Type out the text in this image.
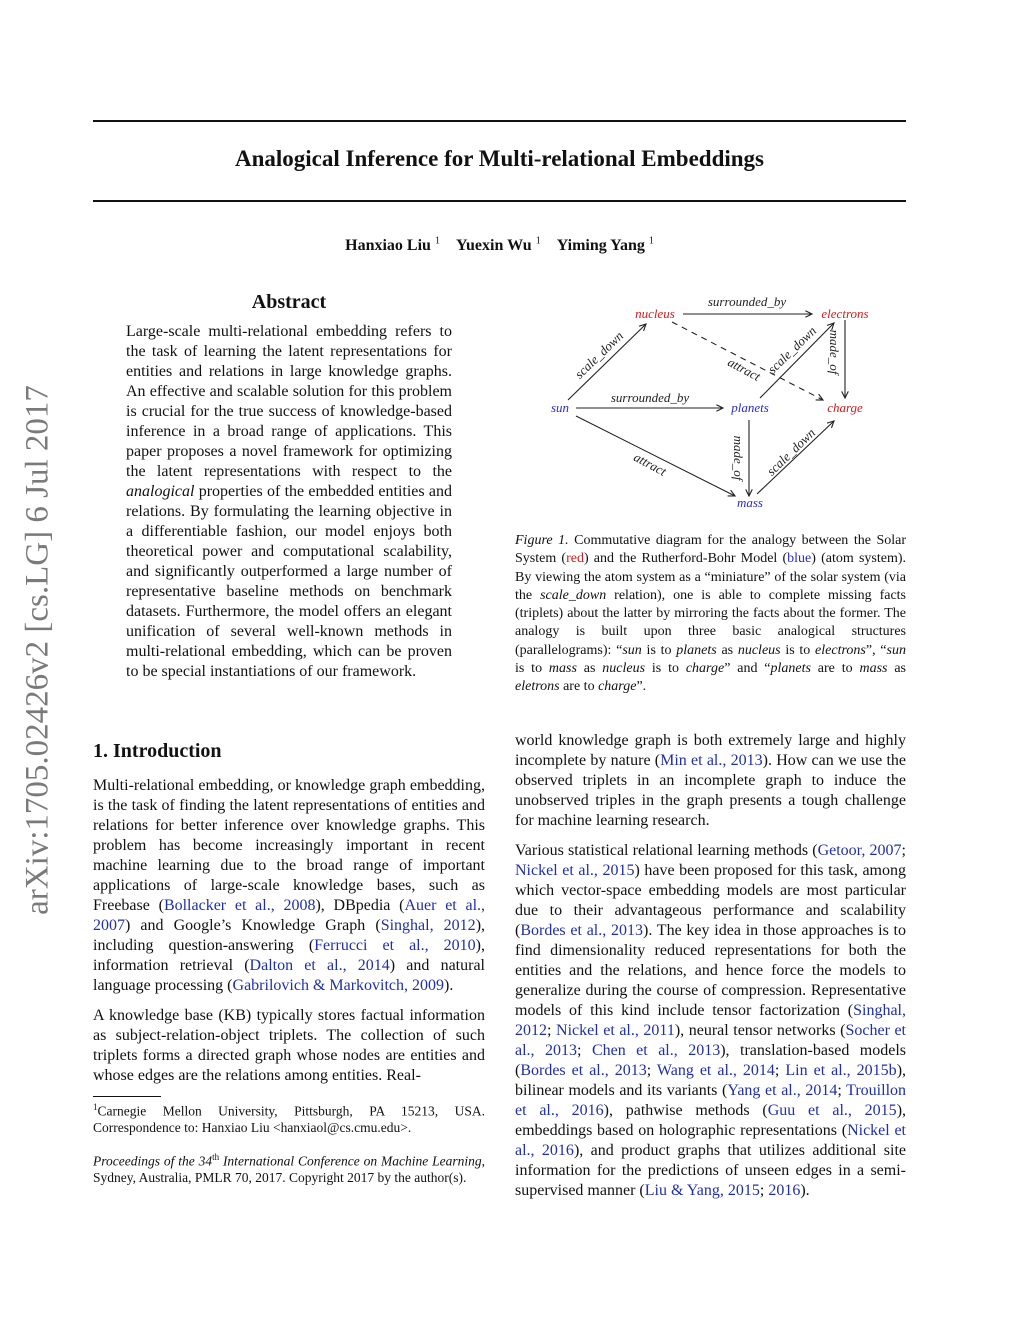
arXiv:1705.02426v2 [cs.LG] 6 Jul 2017
Analogical Inference for Multi-relational Embeddings
Hanxiao Liu $^1$ Yuexin Wu $^1$ Yiming Yang $^1$
Abstract

Large-scale multi-relational embedding refers to the task of learning the latent representations for entities and relations in large knowledge graphs. An effective and scalable solution for this problem is crucial for the true success of knowledge-based inference in a broad range of applications. This paper proposes a novel framework for optimizing the latent representations with respect to the analogical properties of the embedded entities and relations. By formulating the learning objective in a differentiable fashion, our model enjoys both theoretical power and computational scalability, and significantly outperformed a large number of representative baseline methods on benchmark datasets. Furthermore, the model offers an elegant unification of several well-known methods in multi-relational embedding, which can be proven to be special instantiations of our framework.

1. Introduction

Multi-relational embedding, or knowledge graph embedding, is the task of finding the latent representations of entities and relations for better inference over knowledge graphs. This problem has become increasingly important in recent machine learning due to the broad range of important applications of large-scale knowledge bases, such as Freebase (Bollacker et al., 2008), DBpedia (Auer et al., 2007) and Google’s Knowledge Graph (Singhal, 2012), including question-answering (Ferrucci et al., 2010), information retrieval (Dalton et al., 2014) and natural language processing (Gabrilovich & Markovitch, 2009).

A knowledge base (KB) typically stores factual information as subject-relation-object triplets. The collection of such triplets forms a directed graph whose nodes are entities and whose edges are the relations among entities. Real-

$^1$Carnegie Mellon University, Pittsburgh, PA 15213, USA. Correspondence to: Hanxiao Liu <hanxiaol@cs.cmu.edu>.
Proceedings of the 34th International Conference on Machine Learning, Sydney, Australia, PMLR 70, 2017. Copyright 2017 by the author(s).
nucleus	electrons
sun	planets	charge
mass
surrounded_by
surrounded_by
scale_down	scale_down
scale_down
made_of
made_of
attract
attract
Figure 1. Commutative diagram for the analogy between the Solar System (red) and the Rutherford-Bohr Model (blue) (atom system). By viewing the atom system as a “miniature” of the solar system (via the scale_down relation), one is able to complete missing facts (triplets) about the latter by mirroring the facts about the former. The analogy is built upon three basic analogical structures (parallelograms): “sun is to planets as nucleus is to electrons”, “sun is to mass as nucleus is to charge” and “planets are to mass as eletrons are to charge”.

world knowledge graph is both extremely large and highly incomplete by nature (Min et al., 2013). How can we use the observed triplets in an incomplete graph to induce the unobserved triples in the graph presents a tough challenge for machine learning research.

Various statistical relational learning methods (Getoor, 2007; Nickel et al., 2015) have been proposed for this task, among which vector-space embedding models are most particular due to their advantageous performance and scalability (Bordes et al., 2013). The key idea in those approaches is to find dimensionality reduced representations for both the entities and the relations, and hence force the models to generalize during the course of compression. Representative models of this kind include tensor factorization (Singhal, 2012; Nickel et al., 2011), neural tensor networks (Socher et al., 2013; Chen et al., 2013), translation-based models (Bordes et al., 2013; Wang et al., 2014; Lin et al., 2015b), bilinear models and its variants (Yang et al., 2014; Trouillon et al., 2016), pathwise methods (Guu et al., 2015), embeddings based on holographic representations (Nickel et al., 2016), and product graphs that utilizes additional site information for the predictions of unseen edges in a semi-supervised manner (Liu & Yang, 2015; 2016).
